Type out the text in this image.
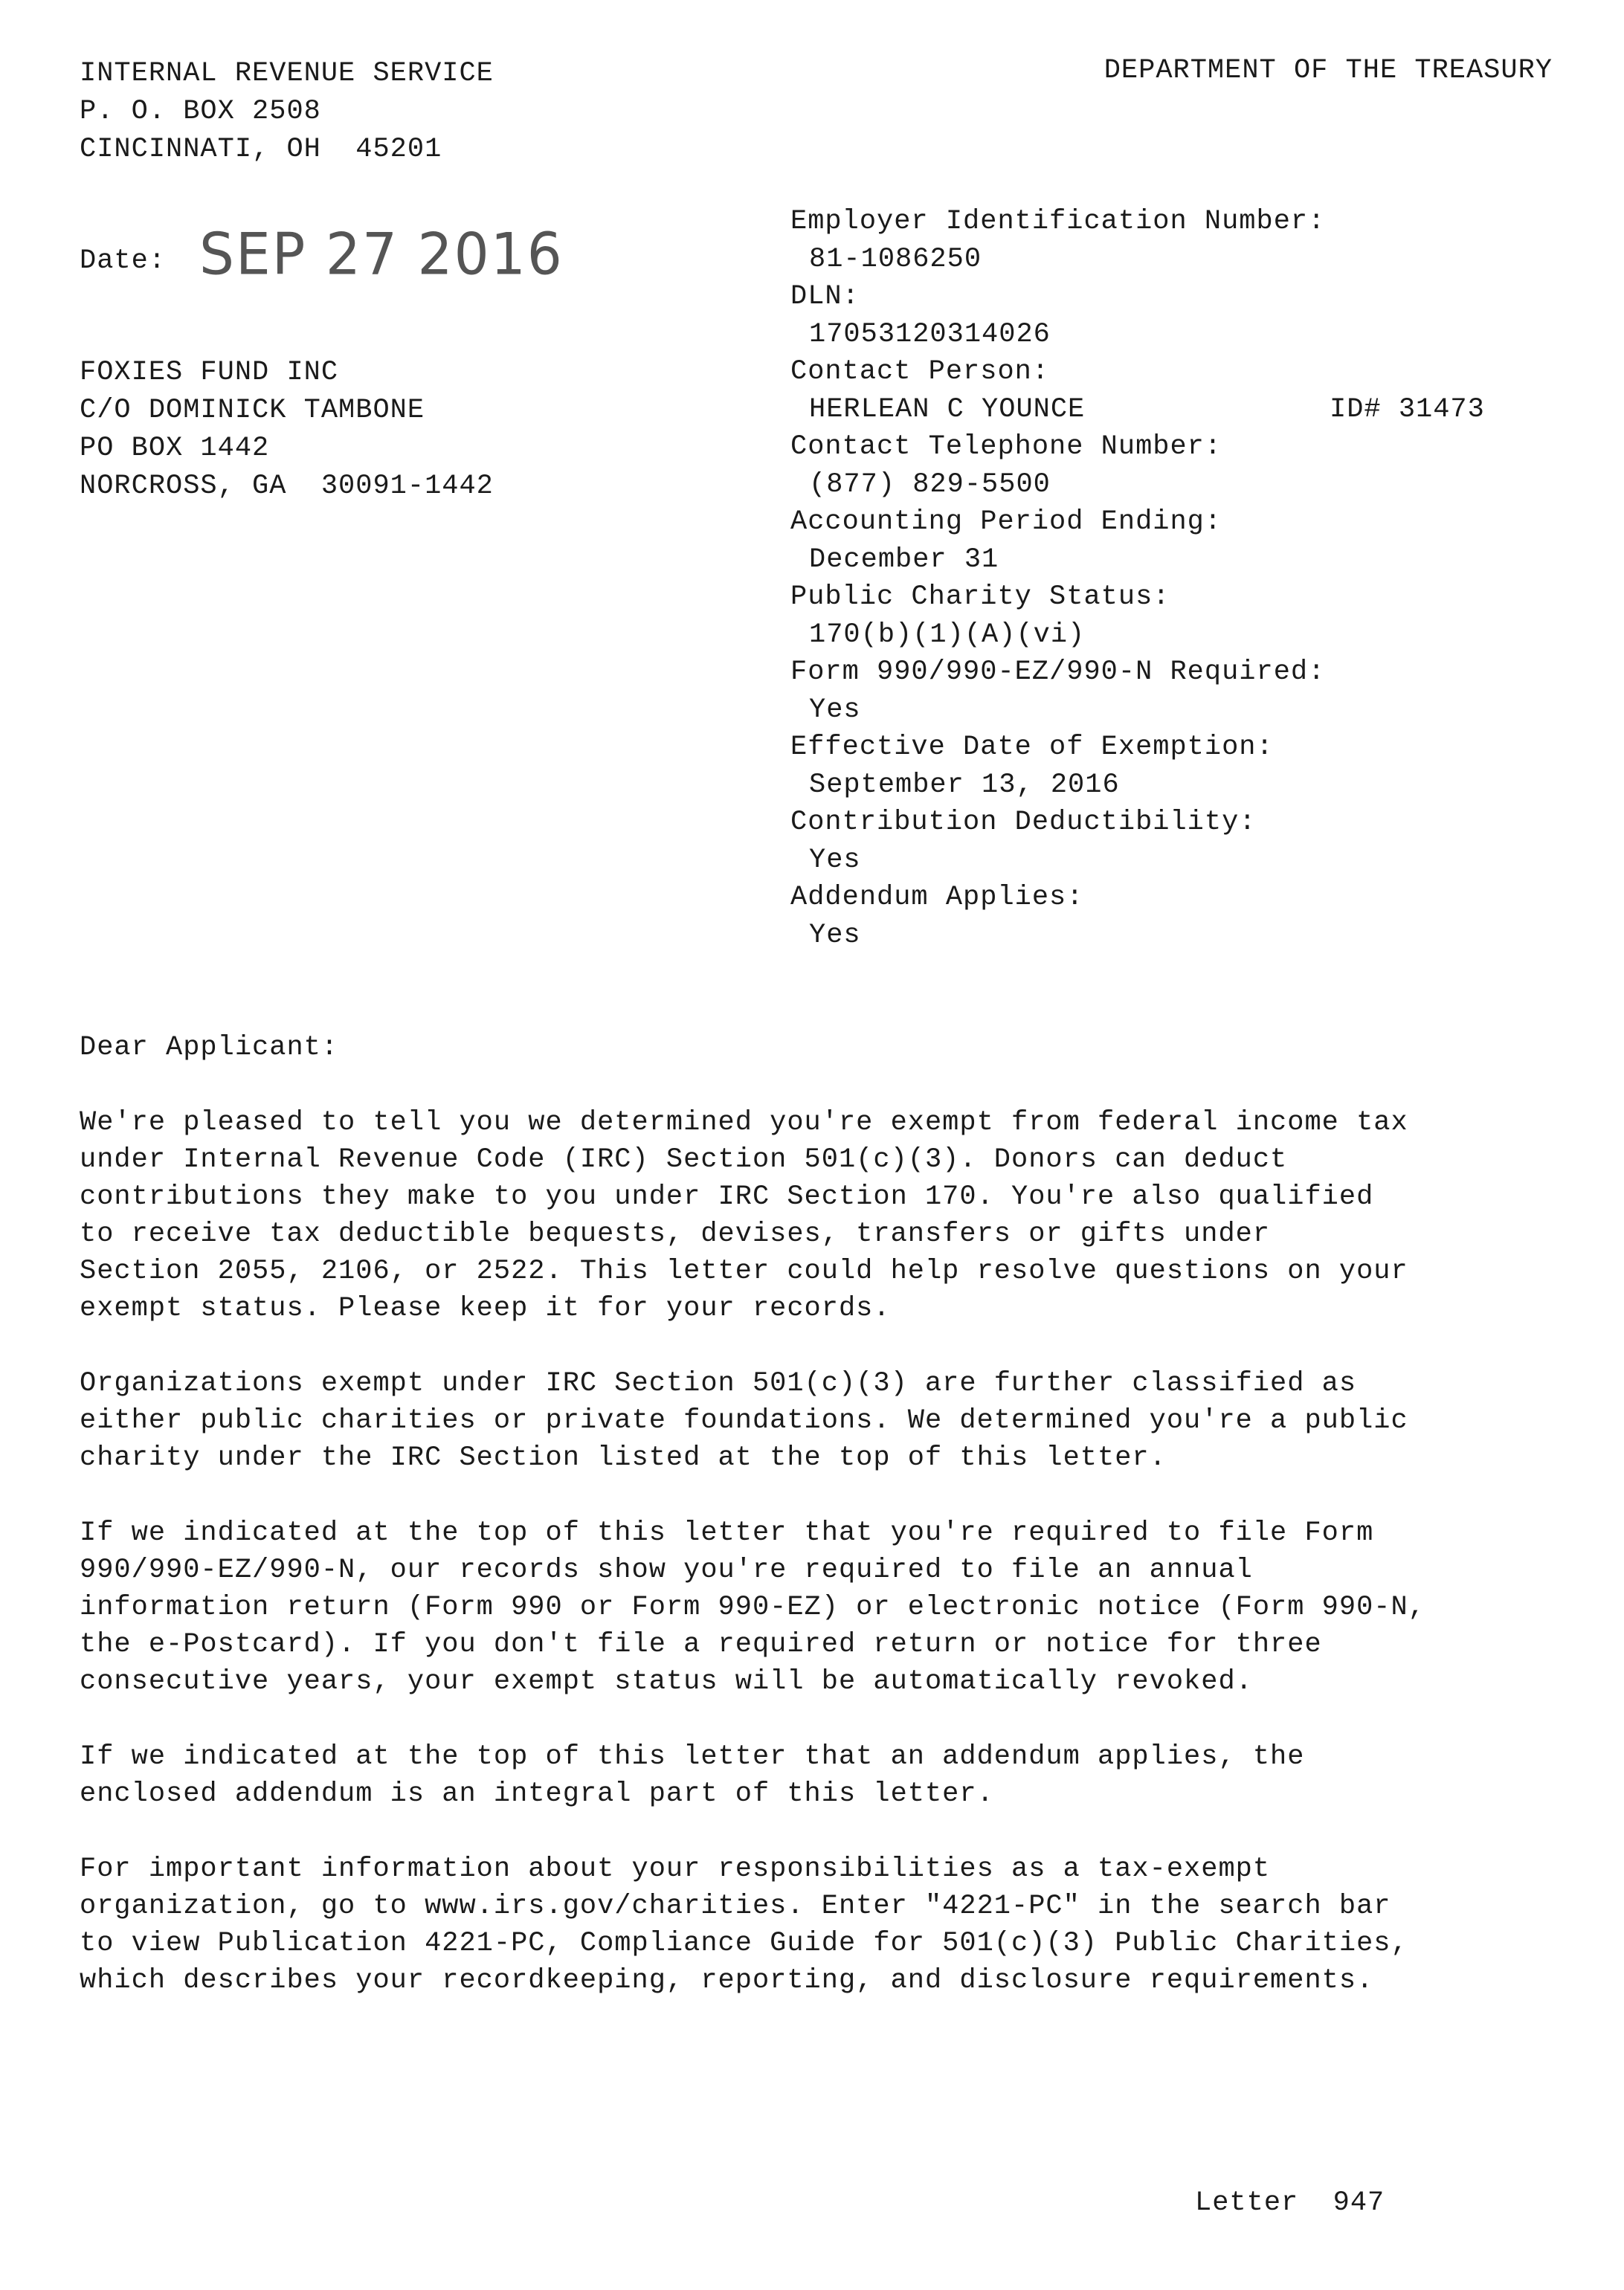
INTERNAL REVENUE SERVICE
P. O. BOX 2508
CINCINNATI, OH  45201
DEPARTMENT OF THE TREASURY
Date: SEP 27 2016
FOXIES FUND INC
C/O DOMINICK TAMBONE
PO BOX 1442
NORCROSS, GA  30091-1442
Employer Identification Number:
81-1086250
DLN:
17053120314026
Contact Person:
HERLEAN C YOUNCE	ID# 31473
Contact Telephone Number:
(877) 829-5500
Accounting Period Ending:
December 31
Public Charity Status:
170(b)(1)(A)(vi)
Form 990/990-EZ/990-N Required:
Yes
Effective Date of Exemption:
September 13, 2016
Contribution Deductibility:
Yes
Addendum Applies:
Yes
Dear Applicant:
We're pleased to tell you we determined you're exempt from federal income tax
under Internal Revenue Code (IRC) Section 501(c)(3). Donors can deduct
contributions they make to you under IRC Section 170. You're also qualified
to receive tax deductible bequests, devises, transfers or gifts under
Section 2055, 2106, or 2522. This letter could help resolve questions on your
exempt status. Please keep it for your records.
Organizations exempt under IRC Section 501(c)(3) are further classified as
either public charities or private foundations. We determined you're a public
charity under the IRC Section listed at the top of this letter.
If we indicated at the top of this letter that you're required to file Form
990/990-EZ/990-N, our records show you're required to file an annual
information return (Form 990 or Form 990-EZ) or electronic notice (Form 990-N,
the e-Postcard). If you don't file a required return or notice for three
consecutive years, your exempt status will be automatically revoked.
If we indicated at the top of this letter that an addendum applies, the
enclosed addendum is an integral part of this letter.
For important information about your responsibilities as a tax-exempt
organization, go to www.irs.gov/charities. Enter "4221-PC" in the search bar
to view Publication 4221-PC, Compliance Guide for 501(c)(3) Public Charities,
which describes your recordkeeping, reporting, and disclosure requirements.
Letter  947
